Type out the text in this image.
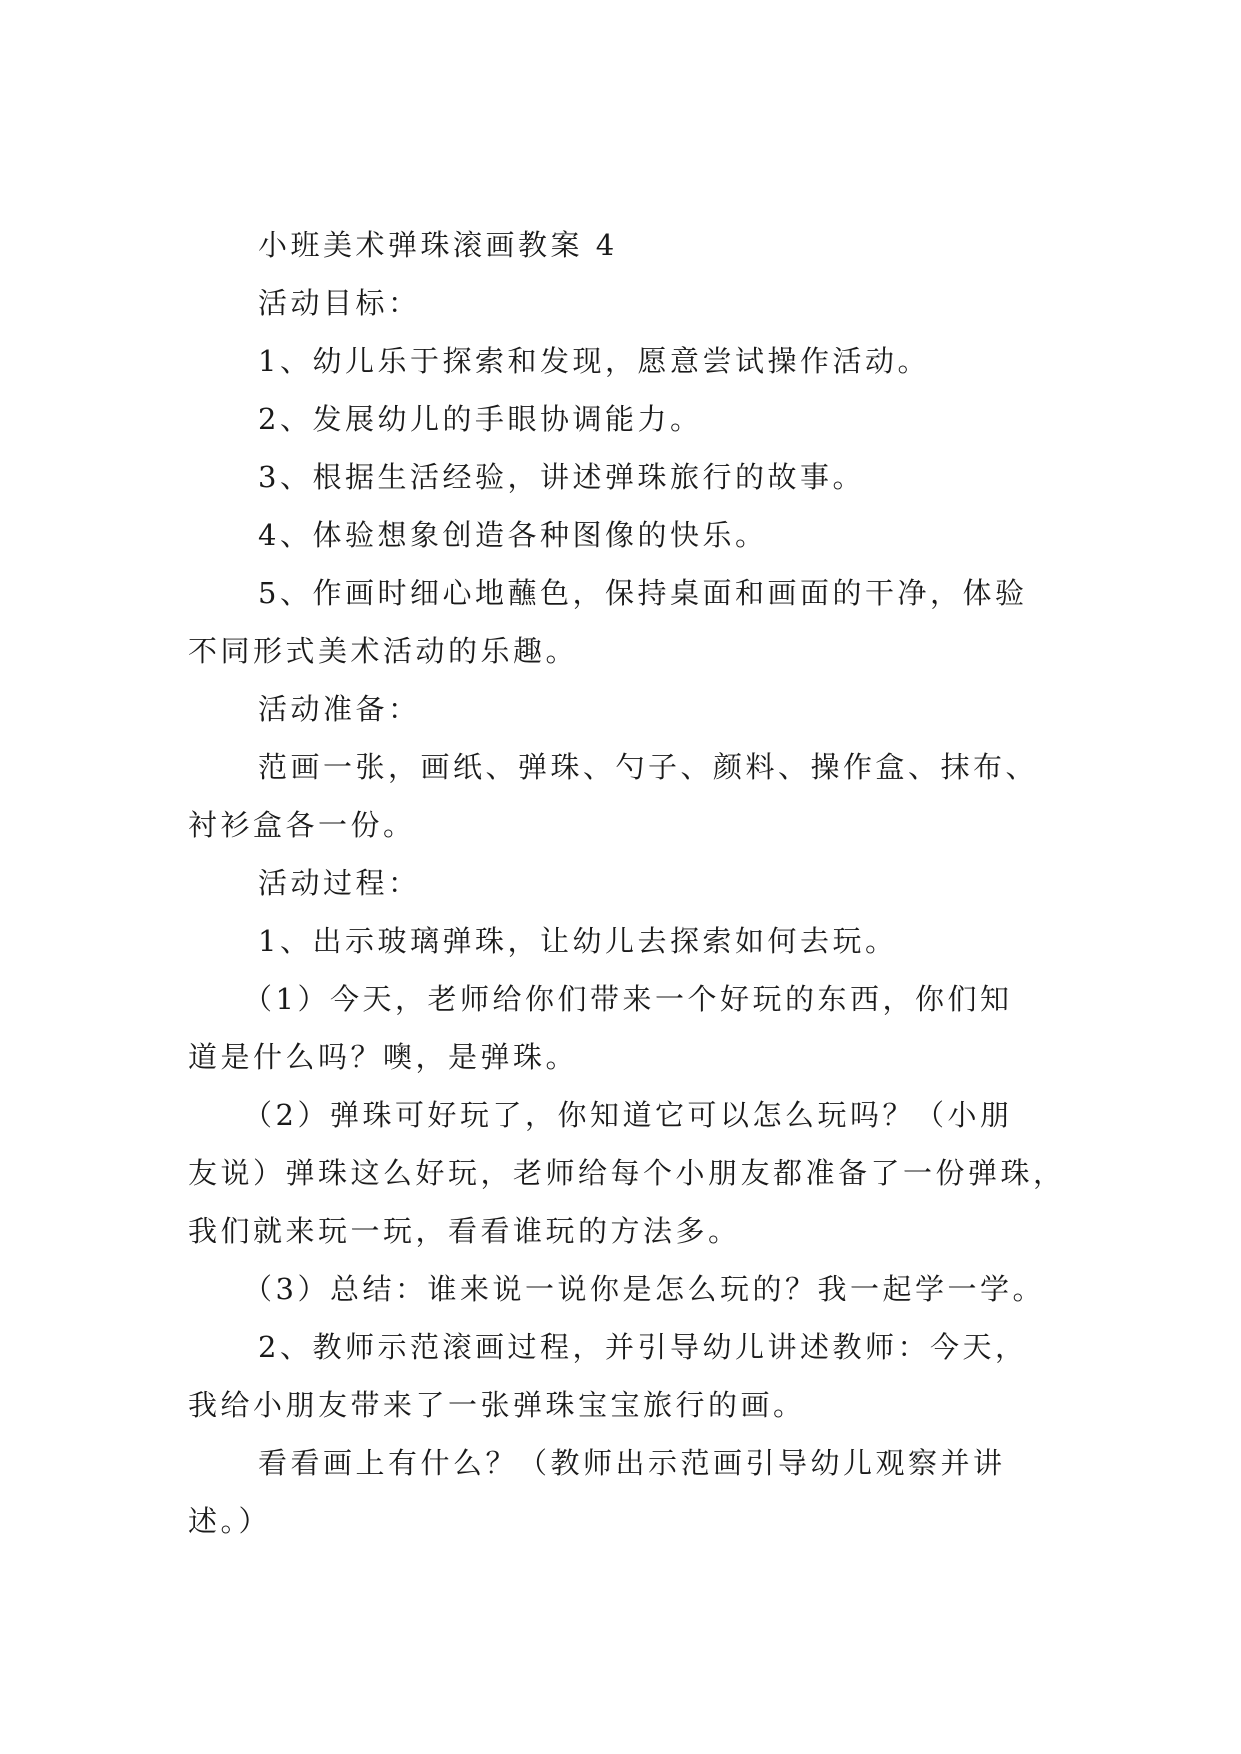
小班美术弹珠滚画教案 4
活动目标：
1、幼儿乐于探索和发现，愿意尝试操作活动。
2、发展幼儿的手眼协调能力。
3、根据生活经验，讲述弹珠旅行的故事。
4、体验想象创造各种图像的快乐。
5、作画时细心地蘸色，保持桌面和画面的干净，体验
不同形式美术活动的乐趣。
活动准备：
范画一张，画纸、弹珠、勺子、颜料、操作盒、抹布、
衬衫盒各一份。
活动过程：
1、出示玻璃弹珠，让幼儿去探索如何去玩。
（1）今天，老师给你们带来一个好玩的东西，你们知
道是什么吗？噢，是弹珠。
（2）弹珠可好玩了，你知道它可以怎么玩吗？（小朋
友说）弹珠这么好玩，老师给每个小朋友都准备了一份弹珠，
我们就来玩一玩，看看谁玩的方法多。
（3）总结：谁来说一说你是怎么玩的？我一起学一学。
2、教师示范滚画过程，并引导幼儿讲述教师：今天，
我给小朋友带来了一张弹珠宝宝旅行的画。
看看画上有什么？（教师出示范画引导幼儿观察并讲
述。）
